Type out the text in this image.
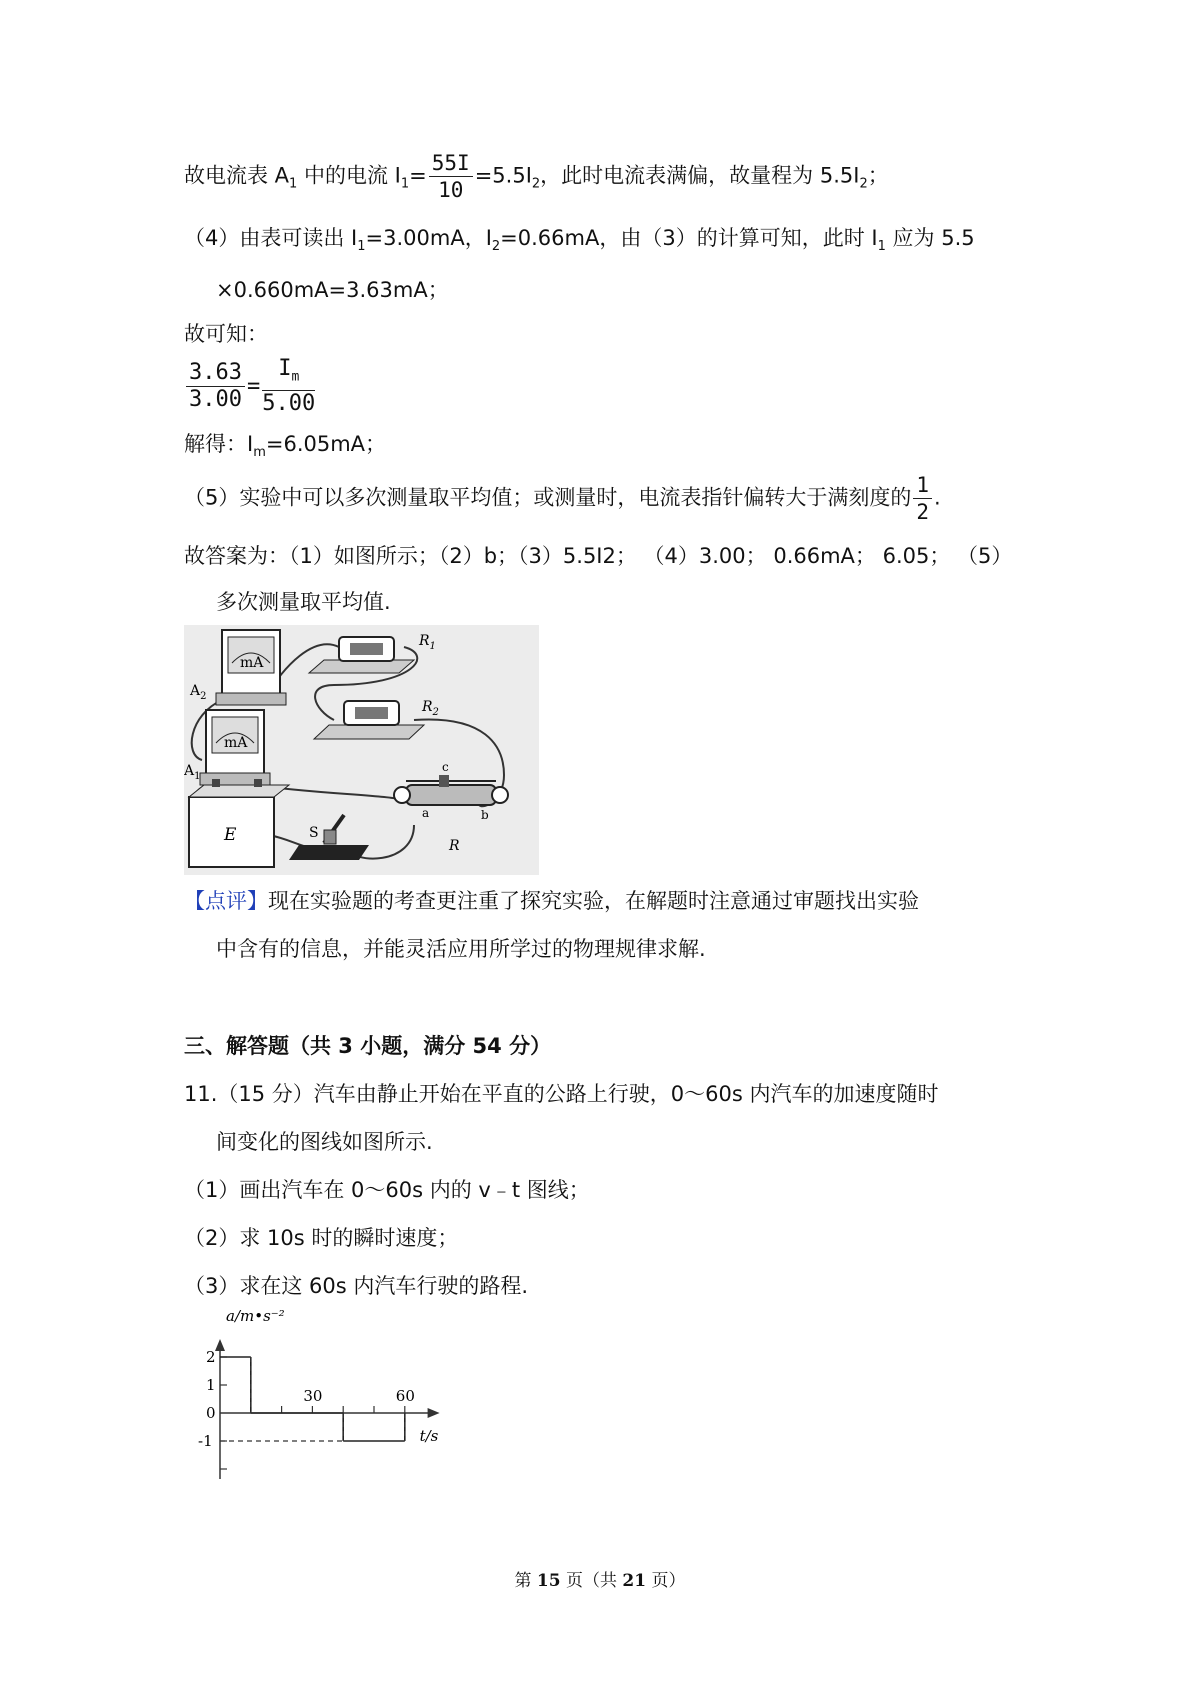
故电流表 $A_1$ 中的电流 $I_1= \frac{55I}{10} =5.5I_2$，此时电流表满偏，故量程为 $5.5I_2$；
（4）由表可读出 $I_1=3.00mA$，$I_2=0.66mA$，由（3）的计算可知，此时 $I_1$ 应为 5.5
×0.660mA=3.63mA；
故可知：
$\frac{3.63}{3.00} = \frac{I_m}{5.00}$
解得：$I_m=6.05mA$；
（5）实验中可以多次测量取平均值；或测量时，电流表指针偏转大于满刻度的 $\frac{1}{2}$ .
故答案为：（1）如图所示；（2）b；（3）5.5I2； （4）3.00； 0.66mA； 6.05； （5）
多次测量取平均值.
mA
$A_2$
mA
$A_1$
$R_1$
$R_2$
E	S
c
a	b
R
【点评】现在实验题的考查更注重了探究实验，在解题时注意通过审题找出实验
中含有的信息，并能灵活应用所学过的物理规律求解.
三、解答题（共 3 小题，满分 54 分）
11.（15 分）汽车由静止开始在平直的公路上行驶，0～60s 内汽车的加速度随时
间变化的图线如图所示.
（1）画出汽车在 0～60s 内的 v﹣t 图线；
（2）求 10s 时的瞬时速度；
（3）求在这 60s 内汽车行驶的路程.
30	60
2
1
0
-1
a/m•s⁻²
t/s
第 15 页（共 21 页）
